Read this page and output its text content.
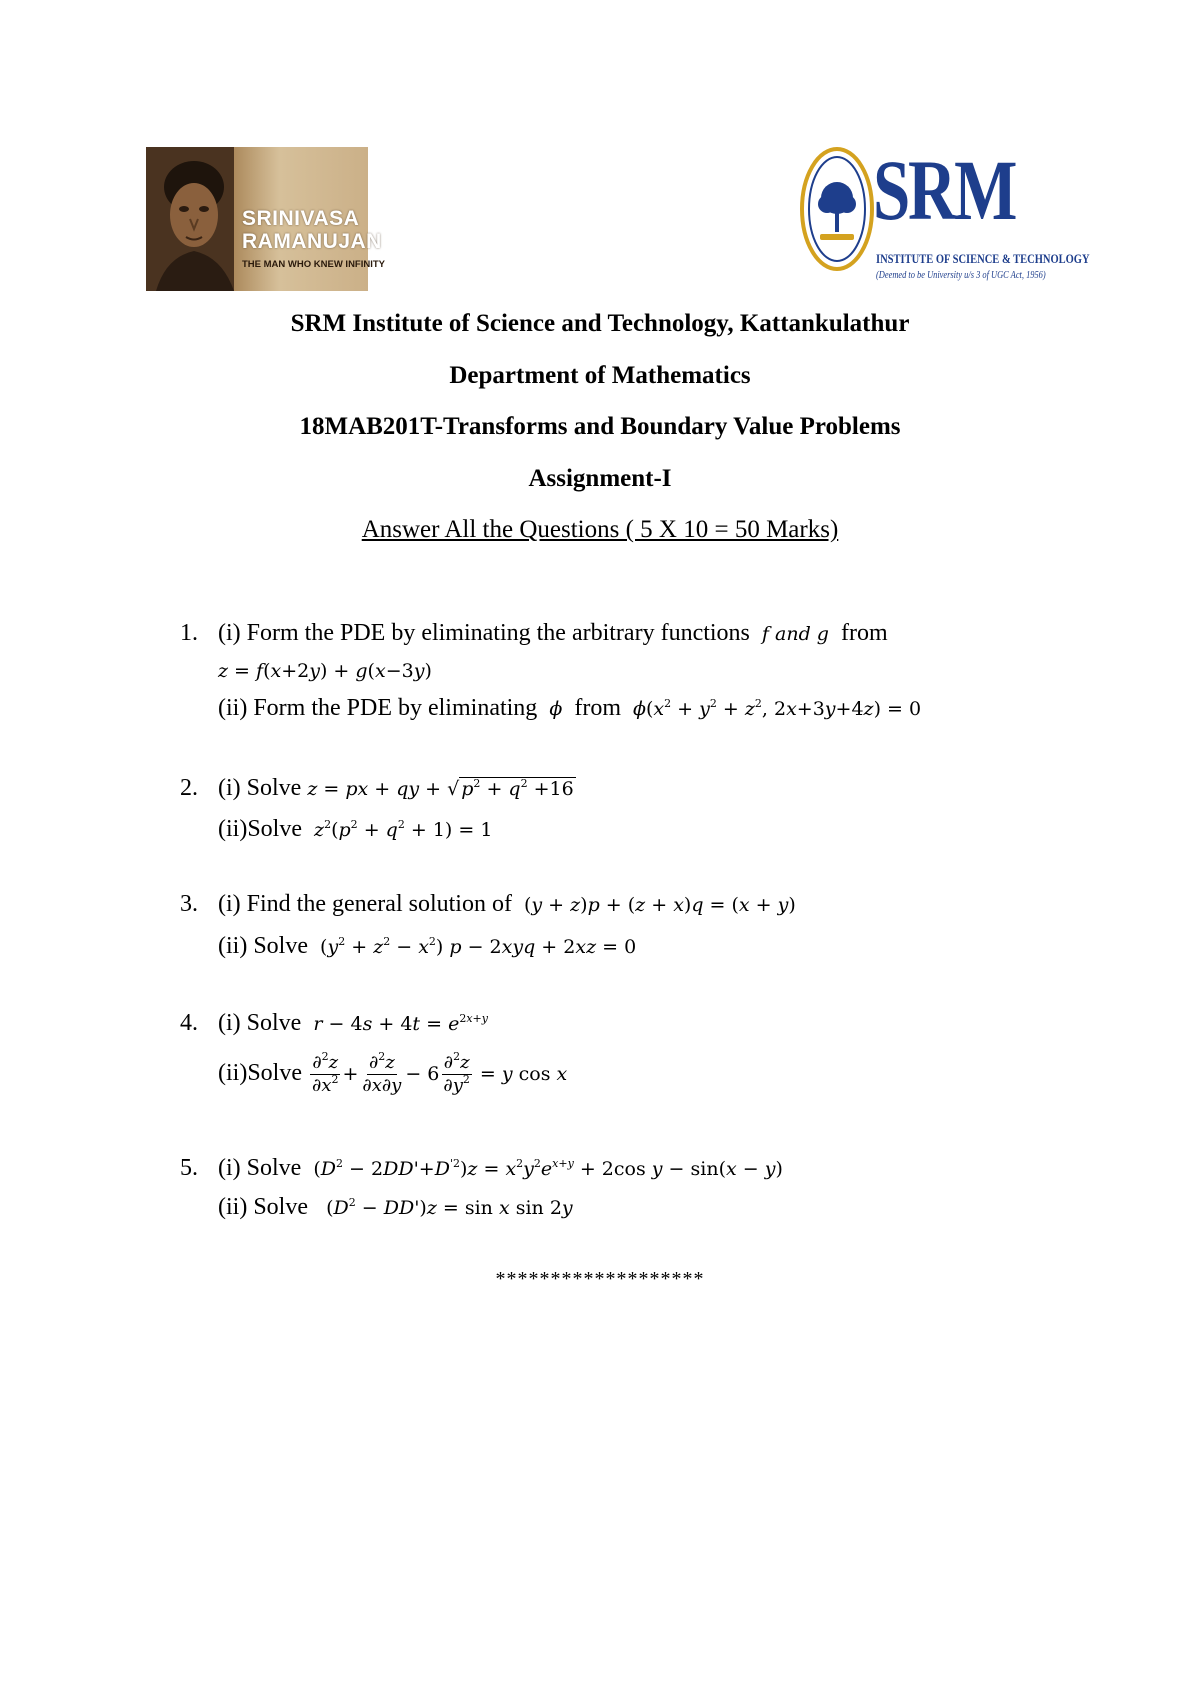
SRINIVASA
RAMANUJAN
THE MAN WHO KNEW INFINITY
SRM
INSTITUTE OF SCIENCE & TECHNOLOGY
(Deemed to be University u/s 3 of UGC Act, 1956)
SRM Institute of Science and Technology, Kattankulathur
Department of Mathematics
18MAB201T-Transforms and Boundary Value Problems
Assignment-I
Answer All the Questions ( 5 X 10 = 50 Marks)
1. (i) Form the PDE by eliminating the arbitrary functions  f and g  from
z = f(x+2y) + g(x−3y)
(ii) Form the PDE by eliminating  ϕ  from $\phi(x^2 + y^2 + z^2$, 2x+3y+4z) = 0
2. (i) Solve z = px + qy + √ $p^2 + q^2 +16$
(ii)Solve $z^2(p^2 + q^2 + 1) = 1$
3. (i) Find the general solution of  (y + z)p + (z + x)q = (x + y)
(ii) Solve  $(y^2 + z^2 - x^2) p - 2xyq + 2xz = 0$
4. (i) Solve $r - 4s + 4t = e^{2x+y}$
(ii)Solve $\frac{\partial^2z}{\partial x^2} + \frac{\partial^2z}{\partial x\partial y} - 6 \frac{\partial^2z}{\partial y^2} = y$ cos x
5. (i) Solve  $(D^2 - 2DD'+D^{'2})z = x^2y^2e^{x+y} + 2\cos$ y − sin(x − y)
(ii) Solve   $(D^2 - DD')z = \sin x$ sin 2y
*******************
